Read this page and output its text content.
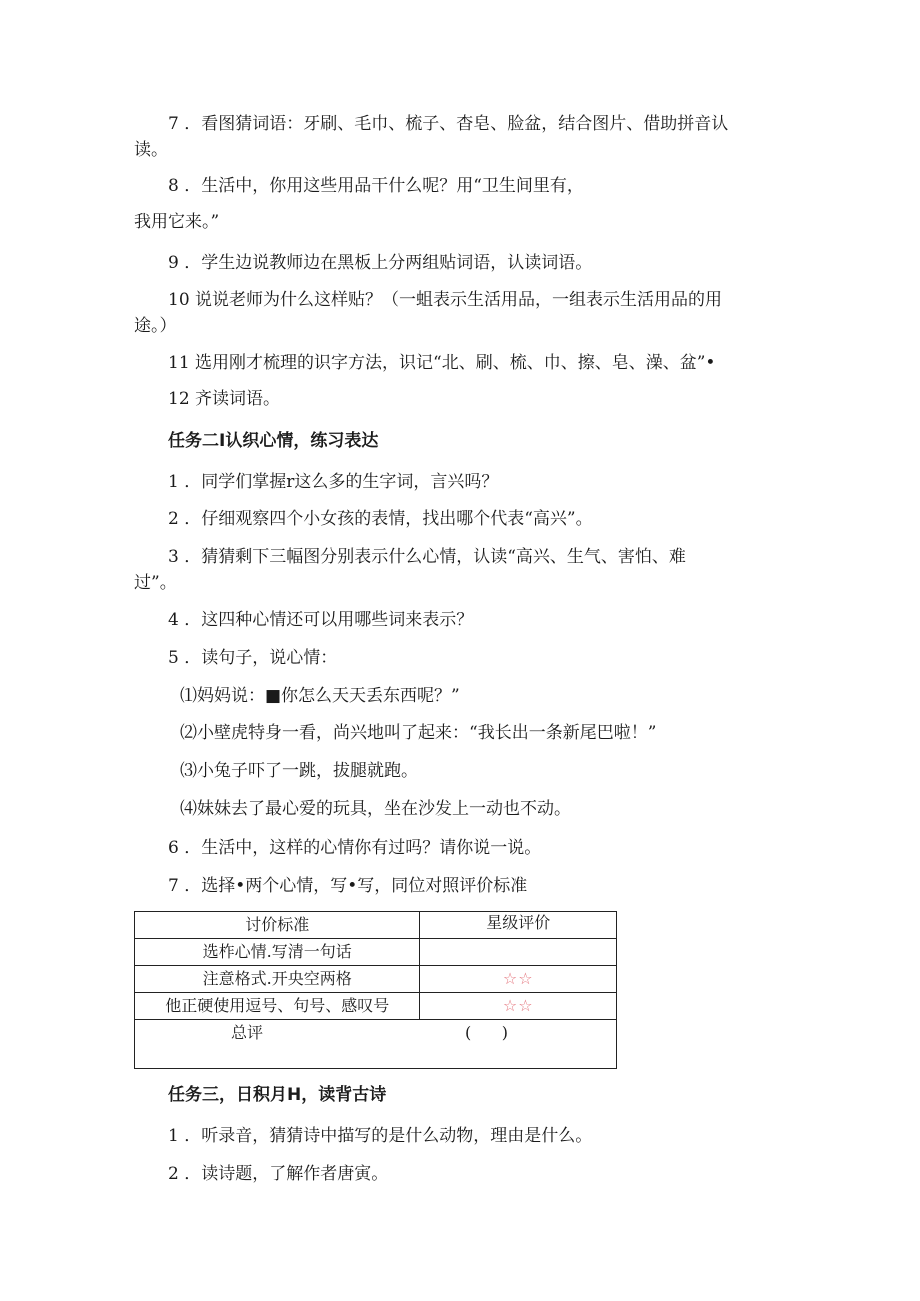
7 ．看图猜词语：牙刷、毛巾、梳子、杳皂、脸盆，结合图片、借助拼音认
读。
8 ．生活中，你用这些用品干什么呢？用“卫生间里有，
我用它来。”
9 ．学生边说教师边在黑板上分两组贴词语，认读词语。
10 说说老师为什么这样贴？（一蛆表示生活用品，一组表示生活用品的用
途。）
11 选用刚才梳理的识字方法，识记“北、刷、梳、巾、擦、皂、澡、盆”•
12 齐读词语。
任务二I认织心情，练习表达
1 ．同学们掌握r这么多的生字词，言兴吗？
2 ．仔细观察四个小女孩的表情，找出哪个代表“高兴”。
3 ．猜猜剩下三幅图分别表示什么心情，认读“高兴、生气、害怕、难
过”。
4 ．这四种心情还可以用哪些词来表示？
5 ．读句子，说心情：
⑴妈妈说：■你怎么天天丢东西呢？”
⑵小壁虎特身一看，尚兴地叫了起来：“我长出一条新尾巴啦！”
⑶小兔子吓了一跳，拔腿就跑。
⑷妹妹去了最心爱的玩具，坐在沙发上一动也不动。
6 ．生活中，这样的心情你有过吗？请你说一说。
7 ．选择•两个心情，写•写，同位对照评价标准
讨价标准	星级评价
选柞心情.写清一句话	
注意格式.开央空两格	☆☆
他正硬使用逗号、句号、感叹号	☆☆

总评 (      )	
任务三，日积月H，读背古诗
1 ．听录音，猜猜诗中描写的是什么动物，理由是什么。
2 ．读诗题，了解作者唐寅。
